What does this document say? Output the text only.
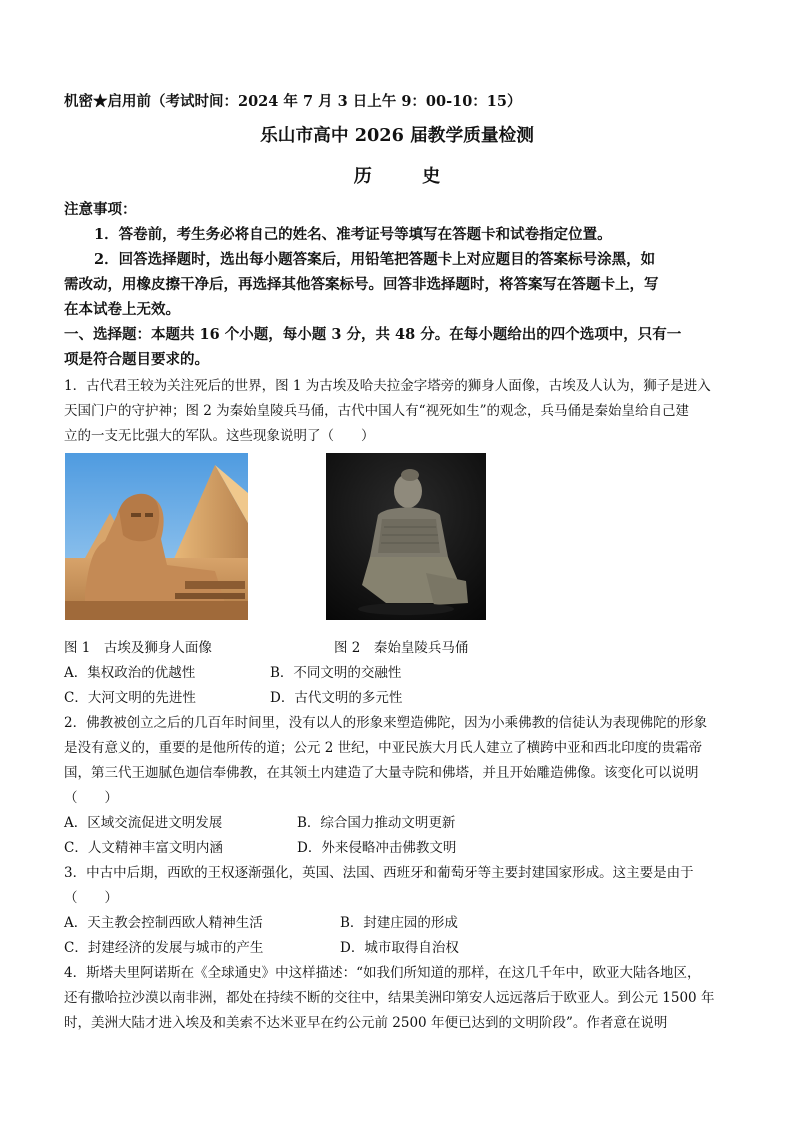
机密★启用前（考试时间：2024 年 7 月 3 日上午 9：00-10：15）
乐山市高中 2026 届教学质量检测
历 史
注意事项：
1．答卷前，考生务必将自己的姓名、准考证号等填写在答题卡和试卷指定位置。
2．回答选择题时，选出每小题答案后，用铅笔把答题卡上对应题目的答案标号涂黑，如
需改动，用橡皮擦干净后，再选择其他答案标号。回答非选择题时，将答案写在答题卡上，写
在本试卷上无效。
一、选择题：本题共 16 个小题，每小题 3 分，共 48 分。在每小题给出的四个选项中，只有一
项是符合题目要求的。
1．古代君王较为关注死后的世界，图 1 为古埃及哈夫拉金字塔旁的狮身人面像，古埃及人认为，狮子是进入
天国门户的守护神；图 2 为秦始皇陵兵马俑，古代中国人有“视死如生”的观念，兵马俑是秦始皇给自己建
立的一支无比强大的军队。这些现象说明了（　　）
图 1　古埃及狮身人面像	图 2　秦始皇陵兵马俑
A．集权政治的优越性	B．不同文明的交融性
C．大河文明的先进性	D．古代文明的多元性
2．佛教被创立之后的几百年时间里，没有以人的形象来塑造佛陀，因为小乘佛教的信徒认为表现佛陀的形象
是没有意义的，重要的是他所传的道；公元 2 世纪，中亚民族大月氏人建立了横跨中亚和西北印度的贵霜帝
国，第三代王迦腻色迦信奉佛教，在其领土内建造了大量寺院和佛塔，并且开始雕造佛像。该变化可以说明
（　　）
A．区域交流促进文明发展	B．综合国力推动文明更新
C．人文精神丰富文明内涵	D．外来侵略冲击佛教文明
3．中古中后期，西欧的王权逐渐强化，英国、法国、西班牙和葡萄牙等主要封建国家形成。这主要是由于
（　　）
A．天主教会控制西欧人精神生活	B．封建庄园的形成
C．封建经济的发展与城市的产生	D．城市取得自治权
4．斯塔夫里阿诺斯在《全球通史》中这样描述：“如我们所知道的那样，在这几千年中，欧亚大陆各地区，
还有撒哈拉沙漠以南非洲，都处在持续不断的交往中，结果美洲印第安人远远落后于欧亚人。到公元 1500 年
时，美洲大陆才进入埃及和美索不达米亚早在约公元前 2500 年便已达到的文明阶段”。作者意在说明
